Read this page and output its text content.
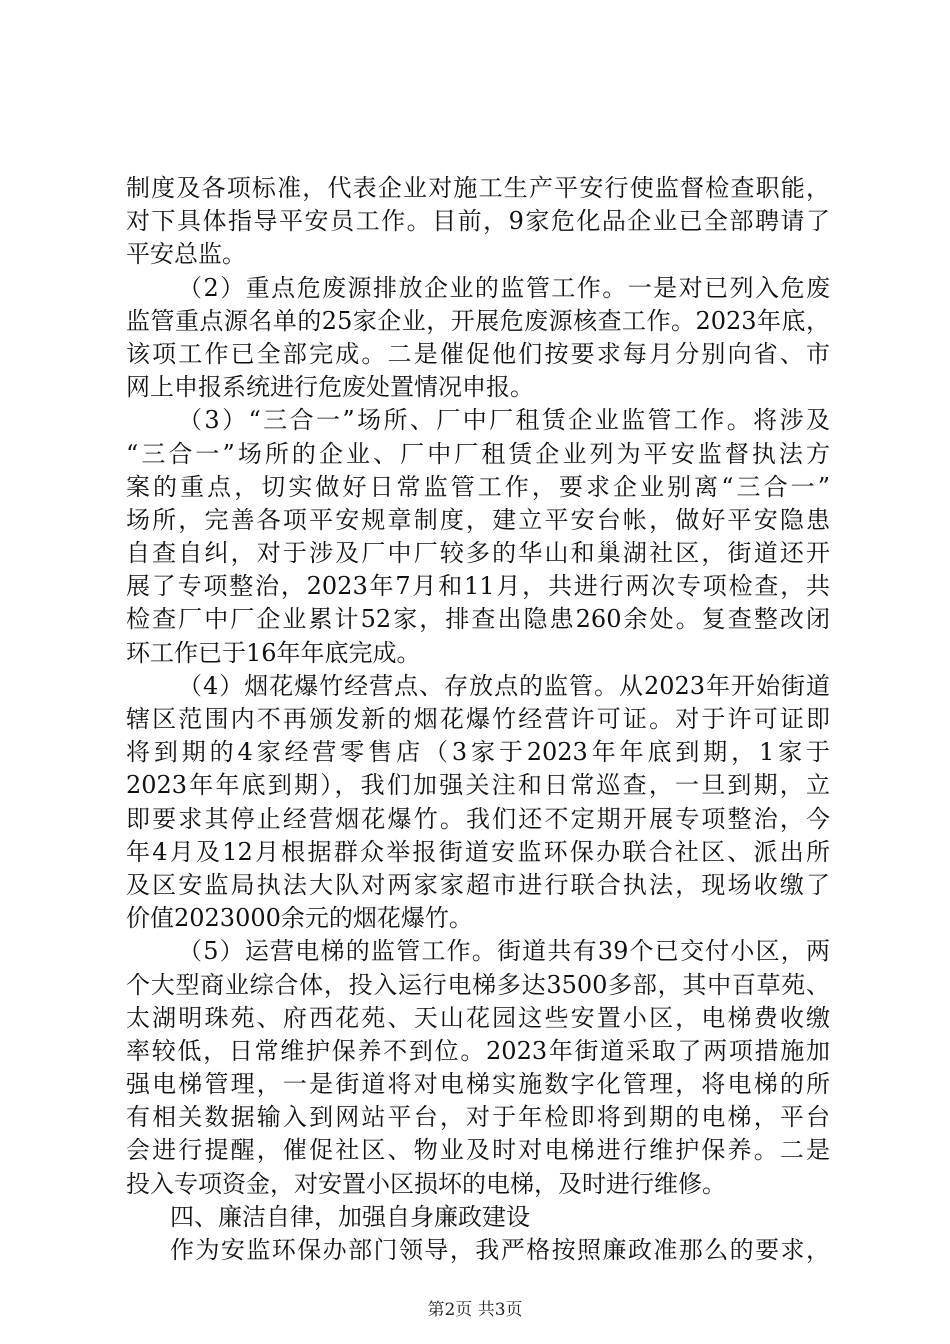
制度及各项标准，代表企业对施工生产平安行使监督检查职能，
对下具体指导平安员工作。目前，9家危化品企业已全部聘请了
平安总监。
（2）重点危废源排放企业的监管工作。一是对已列入危废
监管重点源名单的25家企业，开展危废源核查工作。2023年底，
该项工作已全部完成。二是催促他们按要求每月分别向省、市
网上申报系统进行危废处置情况申报。
（3）“三合一”场所、厂中厂租赁企业监管工作。将涉及
“三合一”场所的企业、厂中厂租赁企业列为平安监督执法方
案的重点，切实做好日常监管工作，要求企业别离“三合一”
场所，完善各项平安规章制度，建立平安台帐，做好平安隐患
自查自纠，对于涉及厂中厂较多的华山和巢湖社区，街道还开
展了专项整治，2023年7月和11月，共进行两次专项检查，共
检查厂中厂企业累计52家，排查出隐患260余处。复查整改闭
环工作已于16年年底完成。
（4）烟花爆竹经营点、存放点的监管。从2023年开始街道
辖区范围内不再颁发新的烟花爆竹经营许可证。对于许可证即
将到期的4家经营零售店（3家于2023年年底到期，1家于
2023年年底到期），我们加强关注和日常巡查，一旦到期，立
即要求其停止经营烟花爆竹。我们还不定期开展专项整治，今
年4月及12月根据群众举报街道安监环保办联合社区、派出所
及区安监局执法大队对两家家超市进行联合执法，现场收缴了
价值2023000余元的烟花爆竹。
（5）运营电梯的监管工作。街道共有39个已交付小区，两
个大型商业综合体，投入运行电梯多达3500多部，其中百草苑、
太湖明珠苑、府西花苑、天山花园这些安置小区，电梯费收缴
率较低，日常维护保养不到位。2023年街道采取了两项措施加
强电梯管理，一是街道将对电梯实施数字化管理，将电梯的所
有相关数据输入到网站平台，对于年检即将到期的电梯，平台
会进行提醒，催促社区、物业及时对电梯进行维护保养。二是
投入专项资金，对安置小区损坏的电梯，及时进行维修。
四、廉洁自律，加强自身廉政建设
作为安监环保办部门领导，我严格按照廉政准那么的要求，
第2页 共3页
